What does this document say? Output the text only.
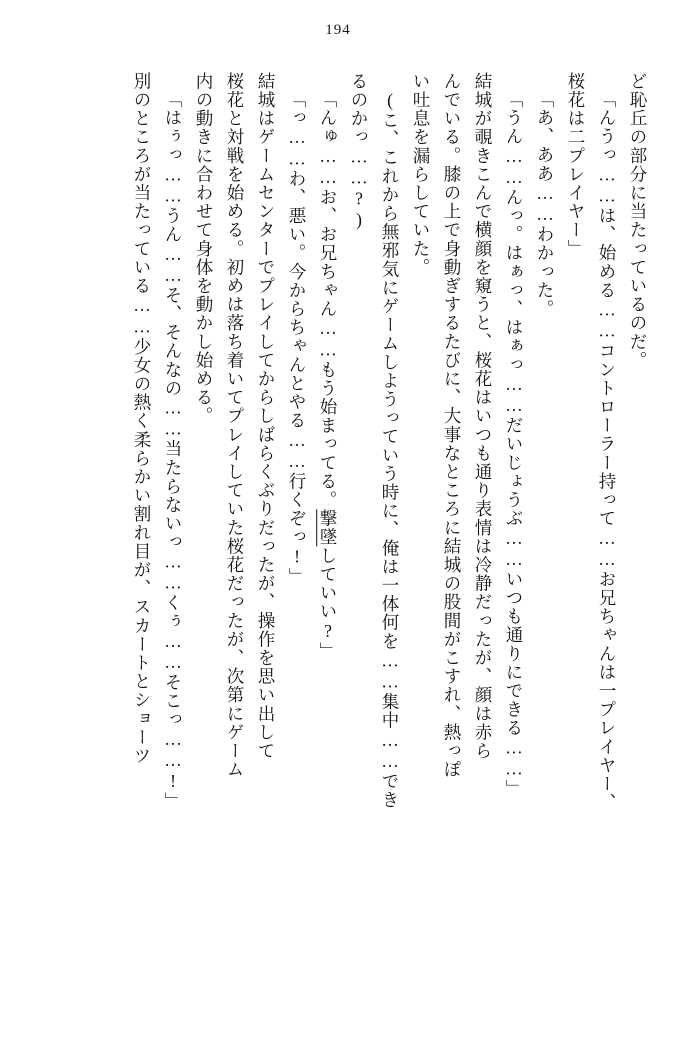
194
ど恥丘の部分に当たっているのだ。
「んうっ……は、始める……コントローラー持って……お兄ちゃんは一プレイヤー、
桜花は二プレイヤー」
「あ、ああ……わかった。
「うん……んっ。はぁっ、はぁっ……だいじょうぶ……いつも通りにできる……」
結城が覗きこんで横顔を窺うと、桜花はいつも通り表情は冷静だったが、顔は赤ら
んでいる。膝の上で身動ぎするたびに、大事なところに結城の股間がこすれ、熱っぽ
い吐息を漏らしていた。
(こ、これから無邪気にゲームしようっていう時に、俺は一体何を……集中……でき
るのかっ……?)
「んゅ……お、お兄ちゃん……もう始まってる。撃墜していい?」
「っ……わ、悪い。今からちゃんとやる……行くぞっ!」
結城はゲームセンターでプレイしてからしばらくぶりだったが、操作を思い出して
桜花と対戦を始める。初めは落ち着いてプレイしていた桜花だったが、次第にゲーム
内の動きに合わせて身体を動かし始める。
「はぅっ……うん……そ、そんなの……当たらないっ……くぅ……そこっ……!」
別のところが当たっている……少女の熱く柔らかい割れ目が、スカートとショーツ
